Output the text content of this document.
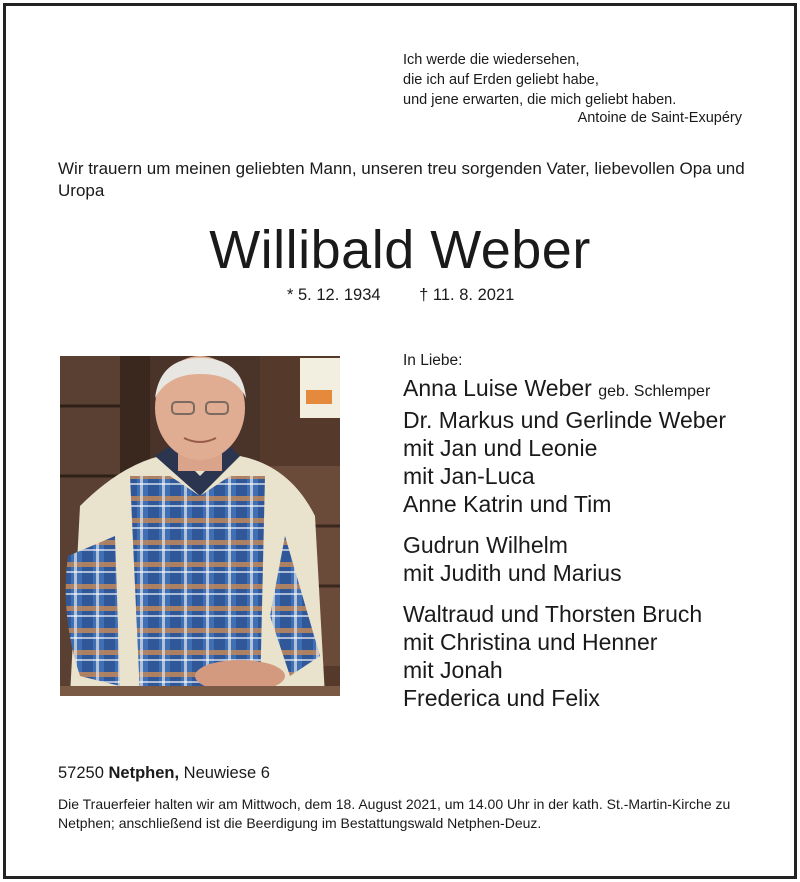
Ich werde die wiedersehen,
die ich auf Erden geliebt habe,
und jene erwarten, die mich geliebt haben.
Antoine de Saint-Exupéry
Wir trauern um meinen geliebten Mann, unseren treu sorgenden Vater, liebevollen Opa und Uropa
Willibald Weber
* 5. 12. 1934 † 11. 8. 2021
In Liebe:
Anna Luise Weber geb. Schlemper
Dr. Markus und Gerlinde Weber
mit Jan und Leonie
mit Jan-Luca
Anne Katrin und Tim
Gudrun Wilhelm
mit Judith und Marius
Waltraud und Thorsten Bruch
mit Christina und Henner
mit Jonah
Frederica und Felix
57250 Netphen, Neuwiese 6
Die Trauerfeier halten wir am Mittwoch, dem 18. August 2021, um 14.00 Uhr in der kath. St.-Martin-Kirche zu Netphen; anschließend ist die Beerdigung im Bestattungswald Netphen-Deuz.
